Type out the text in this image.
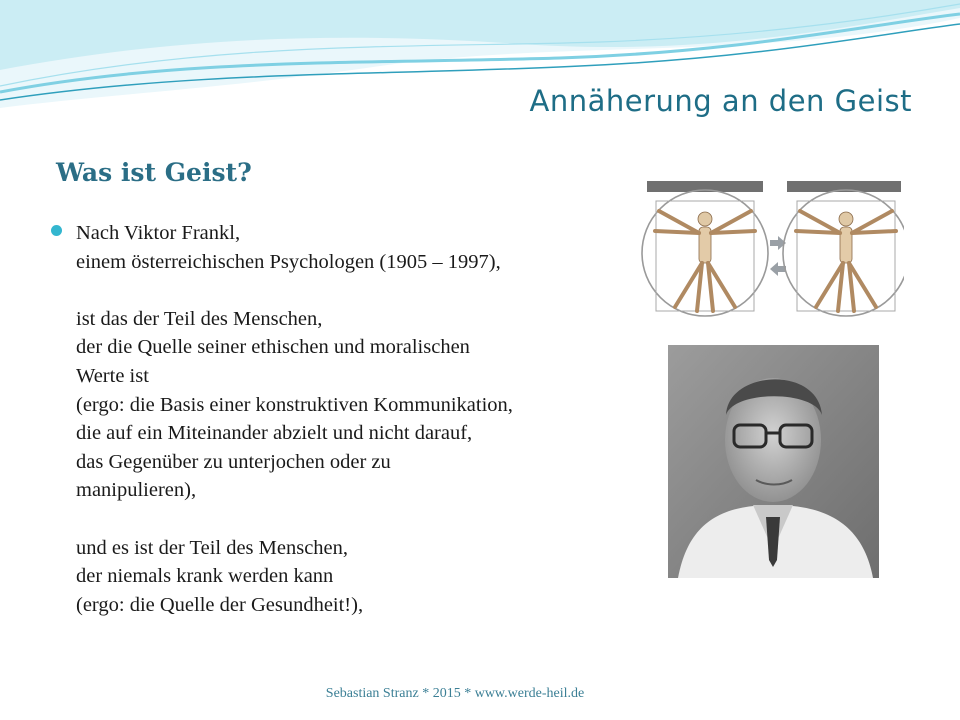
Annäherung an den Geist
Was ist Geist?
Nach Viktor Frankl,
einem österreichischen Psychologen (1905 – 1997),
ist das der Teil des Menschen,
der die Quelle seiner ethischen und moralischen
Werte ist
(ergo: die Basis einer konstruktiven Kommunikation,
die auf ein Miteinander abzielt und nicht darauf,
das Gegenüber zu unterjochen oder zu
manipulieren),
und es ist der Teil des Menschen,
der niemals krank werden kann
(ergo: die Quelle der Gesundheit!),
Sebastian Stranz * 2015 * www.werde-heil.de
